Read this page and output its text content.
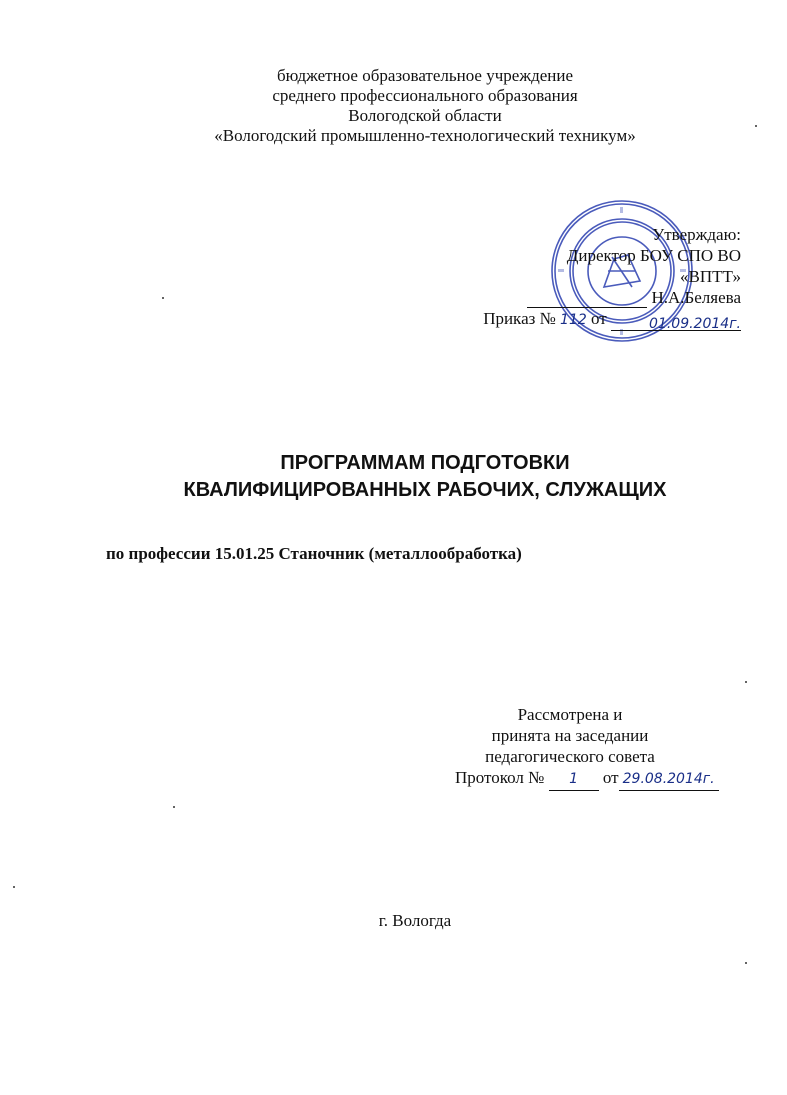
бюджетное образовательное учреждение
среднего профессионального образования
Вологодской области
«Вологодский промышленно-технологический техникум»
Утверждаю:
Директор БОУ СПО ВО
«ВПТТ»
Н.А.Беляева
Приказ № 112 от	01.09.2014г.
ПРОГРАММАМ ПОДГОТОВКИ
КВАЛИФИЦИРОВАННЫХ РАБОЧИХ, СЛУЖАЩИХ
по профессии 15.01.25 Станочник (металлообработка)
Рассмотрена и
принята на заседании
педагогического совета
Протокол № 1 от 29.08.2014г.
г. Вологда
